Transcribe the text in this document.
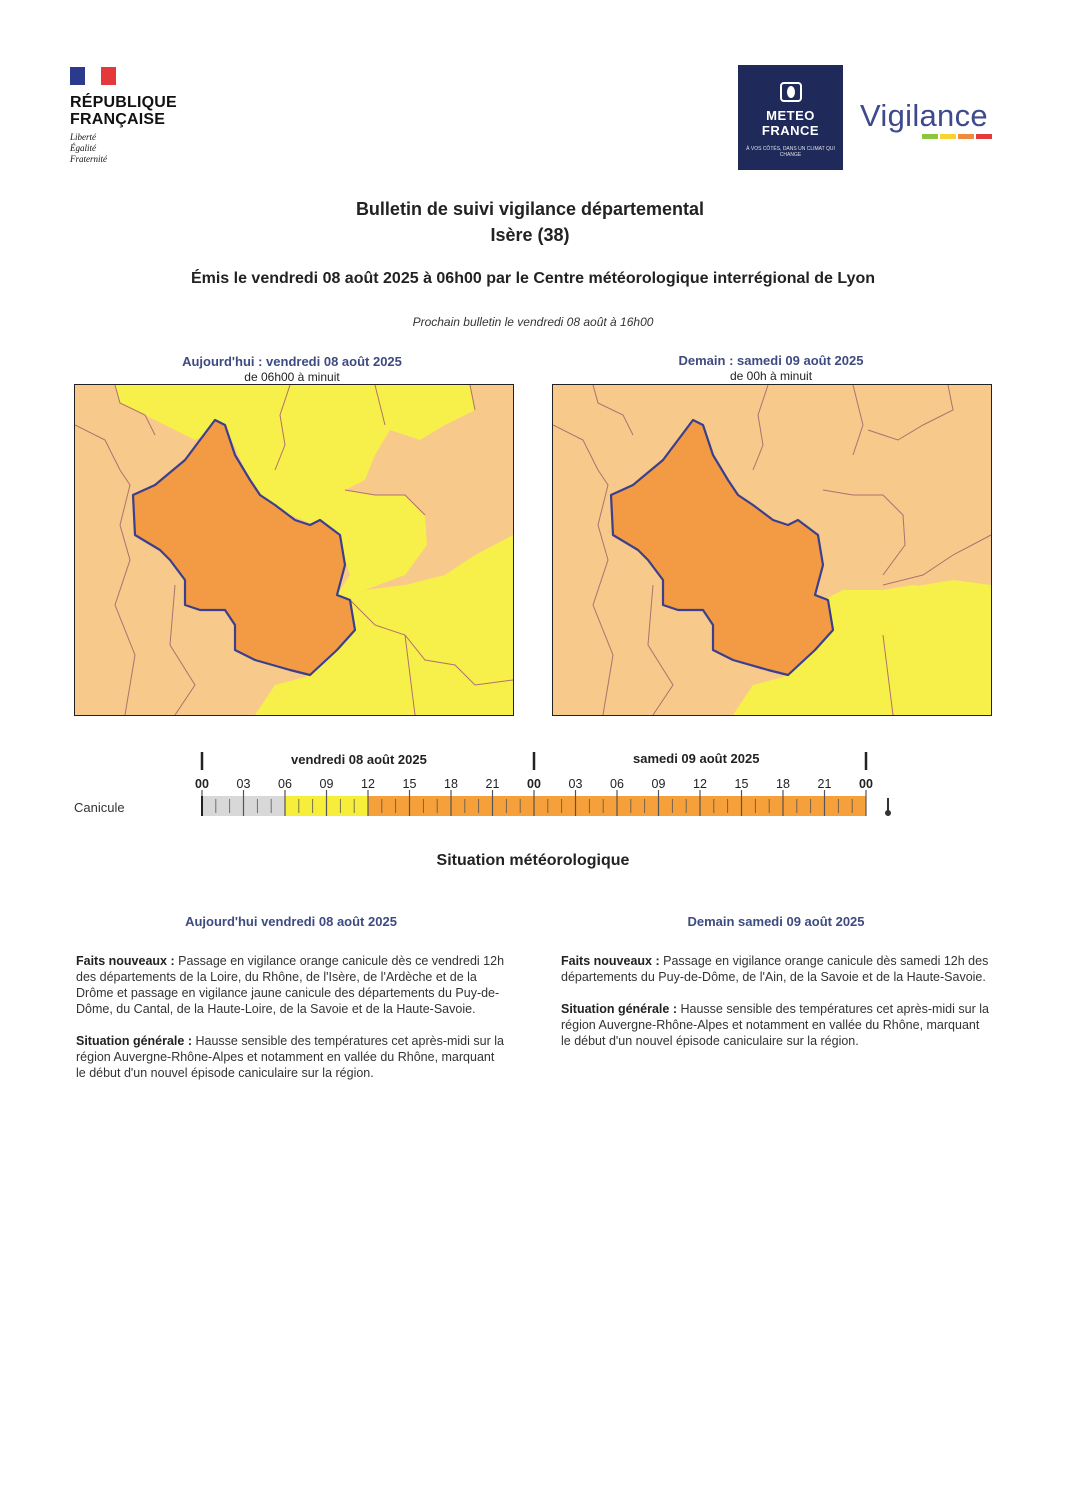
RÉPUBLIQUE
FRANÇAISE
Liberté
Égalité
Fraternité
METEO
FRANCE
À VOS CÔTÉS, DANS UN CLIMAT QUI CHANGE
Vigilance
Bulletin de suivi vigilance départemental
Isère (38)
Émis le vendredi 08 août 2025 à 06h00 par le Centre météorologique interrégional de Lyon
Prochain bulletin le vendredi 08 août à 16h00
Aujourd'hui : vendredi 08 août 2025
de 06h00 à minuit
Demain : samedi 09 août 2025
de 00h à minuit
vendredi 08 août 2025	samedi 09 août 2025
Canicule
00 03 06 09 12 15 18 21 00 03 06 09 12 15 18 21 00
Situation météorologique
Aujourd'hui vendredi 08 août 2025

Faits nouveaux : Passage en vigilance orange canicule dès ce vendredi 12h des départements de la Loire, du Rhône, de l'Isère, de l'Ardèche et de la Drôme et passage en vigilance jaune canicule des départements du Puy-de-Dôme, du Cantal, de la Haute-Loire, de la Savoie et de la Haute-Savoie.

Situation générale : Hausse sensible des températures cet après-midi sur la région Auvergne-Rhône-Alpes et notamment en vallée du Rhône, marquant le début d'un nouvel épisode caniculaire sur la région.

Demain samedi 09 août 2025

Faits nouveaux : Passage en vigilance orange canicule dès samedi 12h des départements du Puy-de-Dôme, de l'Ain, de la Savoie et de la Haute-Savoie.

Situation générale : Hausse sensible des températures cet après-midi sur la région Auvergne-Rhône-Alpes et notamment en vallée du Rhône, marquant le début d'un nouvel épisode caniculaire sur la région.
